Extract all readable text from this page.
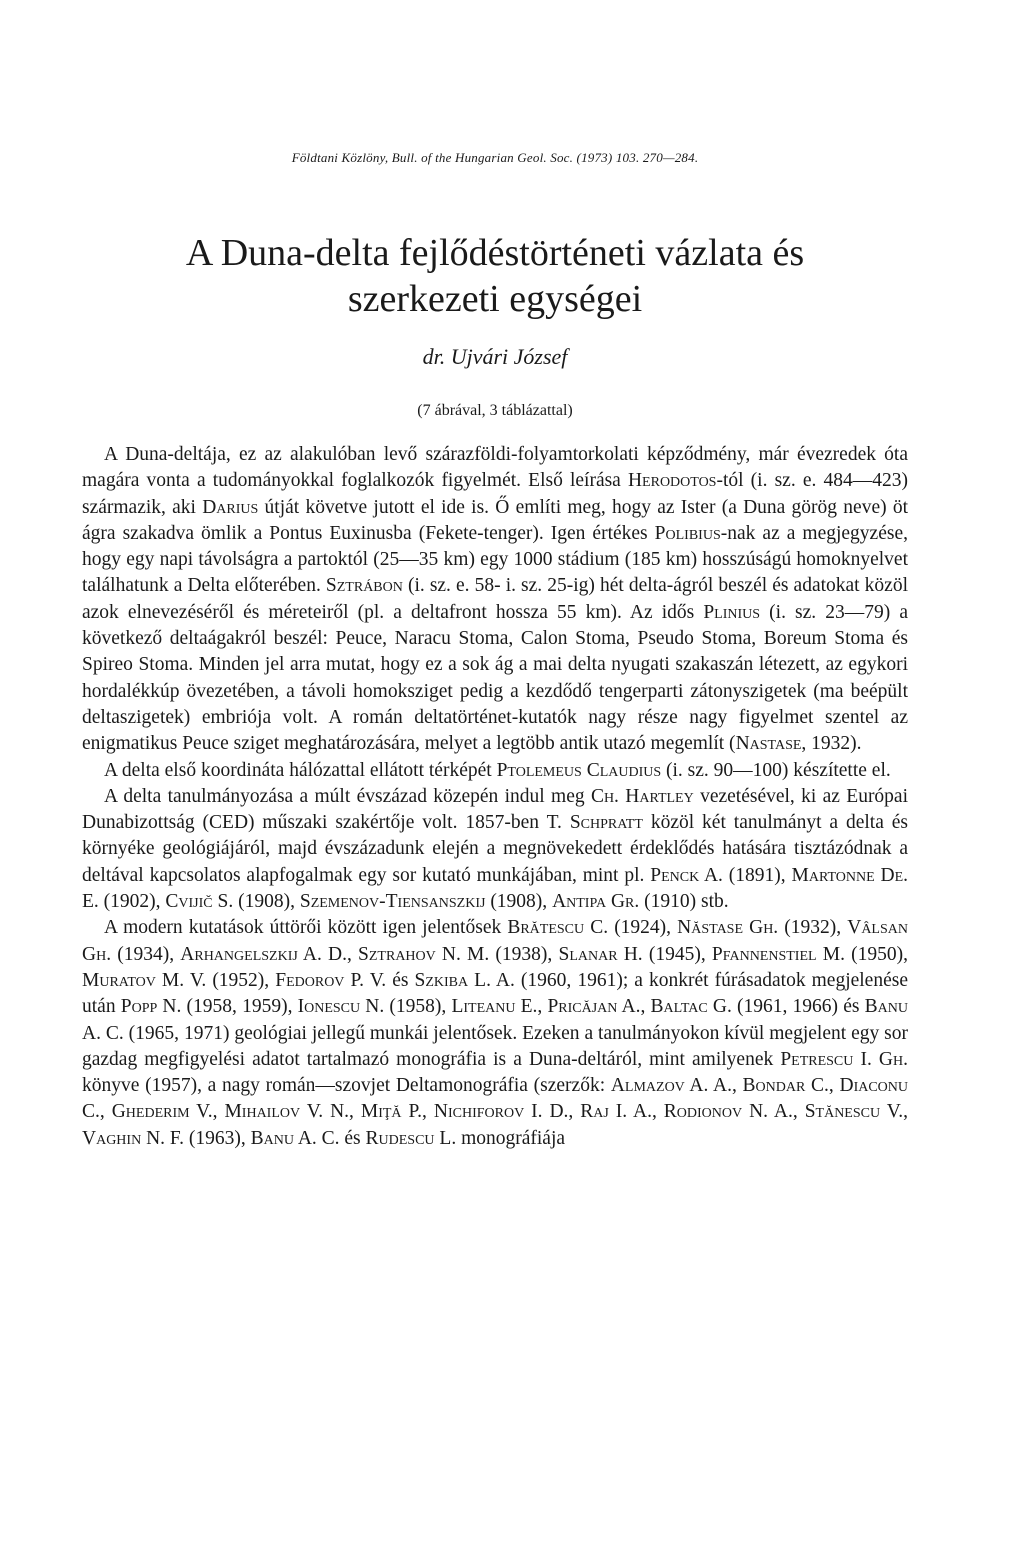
Földtani Közlöny, Bull. of the Hungarian Geol. Soc. (1973) 103. 270—284.
A Duna-delta fejlődéstörténeti vázlata és
szerkezeti egységei
dr. Ujvári József
(7 ábrával, 3 táblázattal)

A Duna-deltája, ez az alakulóban levő szárazföldi-folyamtorkolati képződmény, már évezredek óta magára vonta a tudományokkal foglalkozók figyelmét. Első leírása Herodotos-tól (i. sz. e. 484—423) származik, aki Darius útját követve jutott el ide is. Ő említi meg, hogy az Ister (a Duna görög neve) öt ágra szakadva ömlik a Pontus Euxinusba (Fekete-tenger). Igen értékes Polibius-nak az a megjegyzése, hogy egy napi távolságra a partoktól (25—35 km) egy 1000 stádium (185 km) hosszúságú homoknyelvet találhatunk a Delta előterében. Sztrábon (i. sz. e. 58- i. sz. 25-ig) hét delta-ágról beszél és adatokat közöl azok elnevezéséről és méreteiről (pl. a deltafront hossza 55 km). Az idős Plinius (i. sz. 23—79) a következő deltaágakról beszél: Peuce, Naracu Stoma, Calon Stoma, Pseudo Stoma, Boreum Stoma és Spireo Stoma. Minden jel arra mutat, hogy ez a sok ág a mai delta nyugati szakaszán létezett, az egykori hordalékkúp övezetében, a távoli homoksziget pedig a kezdődő tengerparti zátonyszigetek (ma beépült deltaszigetek) embriója volt. A román deltatörténet-kutatók nagy része nagy figyelmet szentel az enigmatikus Peuce sziget meghatározására, melyet a legtöbb antik utazó megemlít (Nastase, 1932).

A delta első koordináta hálózattal ellátott térképét Ptolemeus Claudius (i. sz. 90—100) készítette el.

A delta tanulmányozása a múlt évszázad közepén indul meg Ch. Hartley vezetésével, ki az Európai Dunabizottság (CED) műszaki szakértője volt. 1857-ben T. Schpratt közöl két tanulmányt a delta és környéke geológiájáról, majd évszázadunk elején a megnövekedett érdeklődés hatására tisztázódnak a deltával kapcsolatos alapfogalmak egy sor kutató munkájában, mint pl. Penck A. (1891), Martonne De. E. (1902), Cvijič S. (1908), Szemenov-Tiensanszkij (1908), Antipa Gr. (1910) stb.

A modern kutatások úttörői között igen jelentősek Brătescu C. (1924), Năstase Gh. (1932), Vâlsan Gh. (1934), Arhangelszkij A. D., Sztrahov N. M. (1938), Slanar H. (1945), Pfannenstiel M. (1950), Muratov M. V. (1952), Fedorov P. V. és Szkiba L. A. (1960, 1961); a konkrét fúrásadatok megjelenése után Popp N. (1958, 1959), Ionescu N. (1958), Liteanu E., Pricăjan A., Baltac G. (1961, 1966) és Banu A. C. (1965, 1971) geológiai jellegű munkái jelentősek. Ezeken a tanulmányokon kívül megjelent egy sor gazdag megfigyelési adatot tartalmazó monográfia is a Duna-deltáról, mint amilyenek Petrescu I. Gh. könyve (1957), a nagy román—szovjet Deltamonográfia (szerzők: Almazov A. A., Bondar C., Diaconu C., Ghederim V., Mihailov V. N., Miţă P., Nichiforov I. D., Raj I. A., Rodionov N. A., Stănescu V., Vaghin N. F. (1963), Banu A. C. és Rudescu L. monográfiája
